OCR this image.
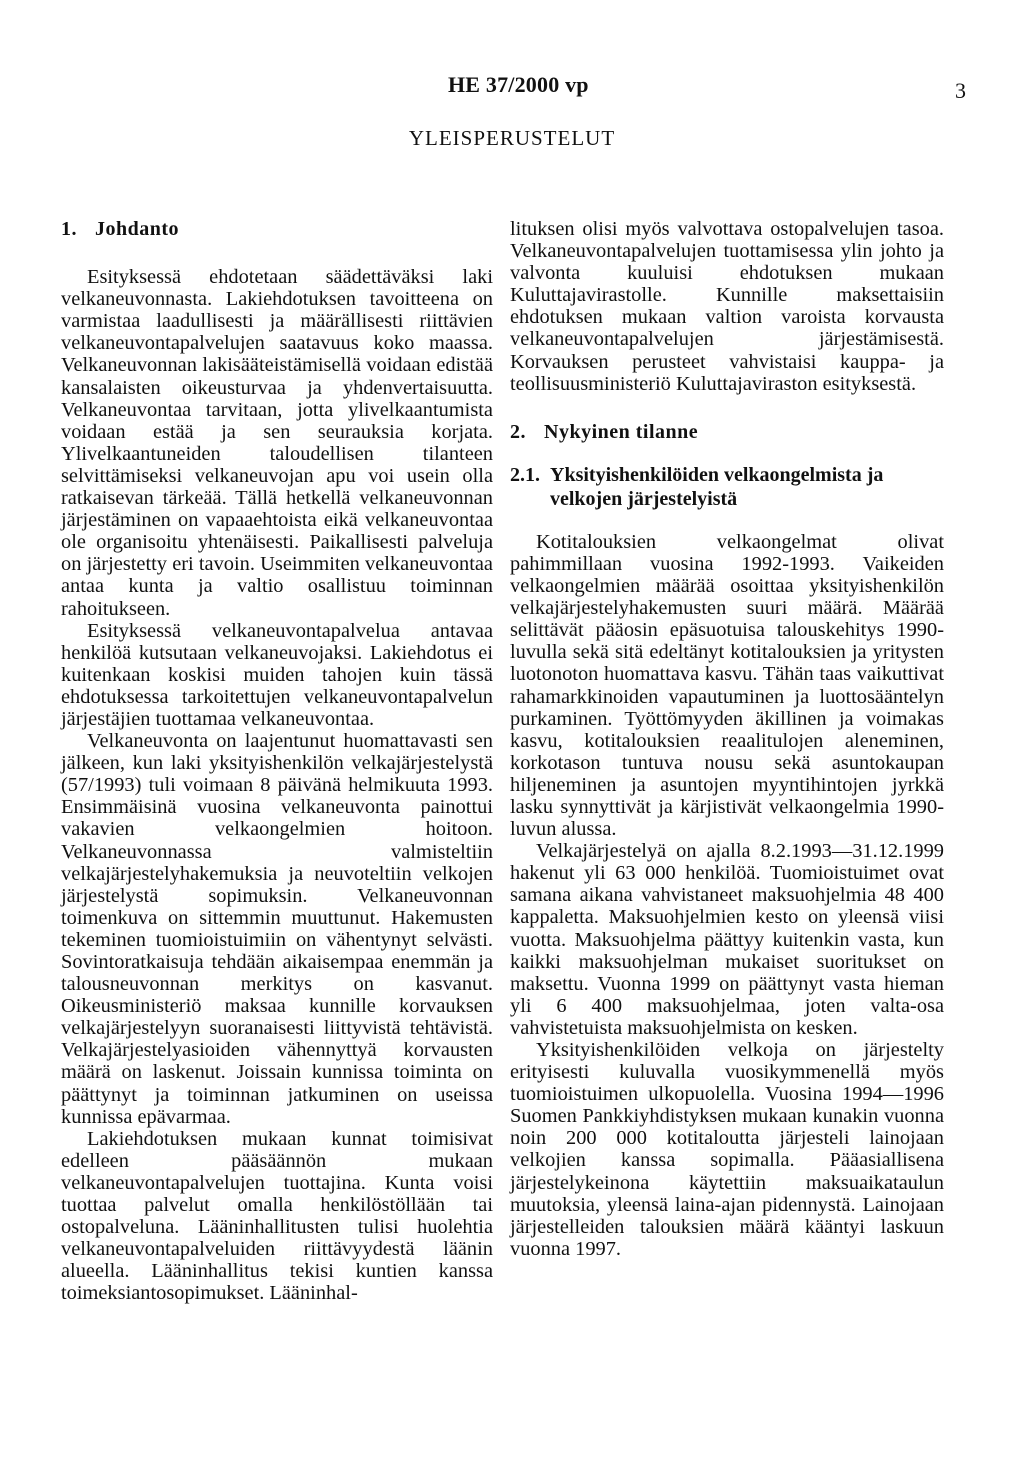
HE 37/2000 vp	3
YLEISPERUSTELUT
1. Johdanto

Esityksessä ehdotetaan säädettäväksi laki velkaneuvonnasta. Lakiehdotuksen tavoitteena on varmistaa laadullisesti ja määrällisesti riittävien velkaneuvontapalvelujen saatavuus koko maassa. Velkaneuvonnan lakisääteistämisellä voidaan edistää kansalaisten oikeusturvaa ja yhdenvertaisuutta. Velkaneuvontaa tarvitaan, jotta ylivelkaantumista voidaan estää ja sen seurauksia korjata. Ylivelkaantuneiden taloudellisen tilanteen selvittämiseksi velkaneuvojan apu voi usein olla ratkaisevan tärkeää. Tällä hetkellä velkaneuvonnan järjestäminen on vapaaehtoista eikä velkaneuvontaa ole organisoitu yhtenäisesti. Paikallisesti palveluja on järjestetty eri tavoin. Useimmiten velkaneuvontaa antaa kunta ja valtio osallistuu toiminnan rahoitukseen.

Esityksessä velkaneuvontapalvelua antavaa henkilöä kutsutaan velkaneuvojaksi. Lakiehdotus ei kuitenkaan koskisi muiden tahojen kuin tässä ehdotuksessa tarkoitettujen velkaneuvontapalvelun järjestäjien tuottamaa velkaneuvontaa.

Velkaneuvonta on laajentunut huomattavasti sen jälkeen, kun laki yksityishenkilön velkajärjestelystä (57/1993) tuli voimaan 8 päivänä helmikuuta 1993. Ensimmäisinä vuosina velkaneuvonta painottui vakavien velkaongelmien hoitoon. Velkaneuvonnassa valmisteltiin velkajärjestelyhakemuksia ja neuvoteltiin velkojen järjestelystä sopimuksin. Velkaneuvonnan toimenkuva on sittemmin muuttunut. Hakemusten tekeminen tuomioistuimiin on vähentynyt selvästi. Sovintoratkaisuja tehdään aikaisempaa enemmän ja talousneuvonnan merkitys on kasvanut. Oikeusministeriö maksaa kunnille korvauksen velkajärjestelyyn suoranaisesti liittyvistä tehtävistä. Velkajärjestelyasioiden vähennyttyä korvausten määrä on laskenut. Joissain kunnissa toiminta on päättynyt ja toiminnan jatkuminen on useissa kunnissa epävarmaa.

Lakiehdotuksen mukaan kunnat toimisivat edelleen pääsäännön mukaan velkaneuvontapalvelujen tuottajina. Kunta voisi tuottaa palvelut omalla henkilöstöllään tai ostopalveluna. Lääninhallitusten tulisi huolehtia velkaneuvontapalveluiden riittävyydestä läänin alueella. Lääninhallitus tekisi kuntien kanssa toimeksiantosopimukset. Lääninhal-

lituksen olisi myös valvottava ostopalvelujen tasoa. Velkaneuvontapalvelujen tuottamisessa ylin johto ja valvonta kuuluisi ehdotuksen mukaan Kuluttajavirastolle. Kunnille maksettaisiin ehdotuksen mukaan valtion varoista korvausta velkaneuvontapalvelujen järjestämisestä. Korvauksen perusteet vahvistaisi kauppa- ja teollisuusministeriö Kuluttajaviraston esityksestä.

2. Nykyinen tilanne
2.1. Yksityishenkilöiden velkaongelmista ja velkojen järjestelyistä

Kotitalouksien velkaongelmat olivat pahimmillaan vuosina 1992-1993. Vaikeiden velkaongelmien määrää osoittaa yksityishenkilön velkajärjestelyhakemusten suuri määrä. Määrää selittävät pääosin epäsuotuisa talouskehitys 1990-luvulla sekä sitä edeltänyt kotitalouksien ja yritysten luotonoton huomattava kasvu. Tähän taas vaikuttivat rahamarkkinoiden vapautuminen ja luottosääntelyn purkaminen. Työttömyyden äkillinen ja voimakas kasvu, kotitalouksien reaalitulojen aleneminen, korkotason tuntuva nousu sekä asuntokaupan hiljeneminen ja asuntojen myyntihintojen jyrkkä lasku synnyttivät ja kärjistivät velkaongelmia 1990-luvun alussa.

Velkajärjestelyä on ajalla 8.2.1993—31.12.1999 hakenut yli 63 000 henkilöä. Tuomioistuimet ovat samana aikana vahvistaneet maksuohjelmia 48 400 kappaletta. Maksuohjelmien kesto on yleensä viisi vuotta. Maksuohjelma päättyy kuitenkin vasta, kun kaikki maksuohjelman mukaiset suoritukset on maksettu. Vuonna 1999 on päättynyt vasta hieman yli 6 400 maksuohjelmaa, joten valta-osa vahvistetuista maksuohjelmista on kesken.

Yksityishenkilöiden velkoja on järjestelty erityisesti kuluvalla vuosikymmenellä myös tuomioistuimen ulkopuolella. Vuosina 1994—1996 Suomen Pankkiyhdistyksen mukaan kunakin vuonna noin 200 000 kotitaloutta järjesteli lainojaan velkojien kanssa sopimalla. Pääasiallisena järjestelykeinona käytettiin maksuaikataulun muutoksia, yleensä laina-ajan pidennystä. Lainojaan järjestelleiden talouksien määrä kääntyi laskuun vuonna 1997.
